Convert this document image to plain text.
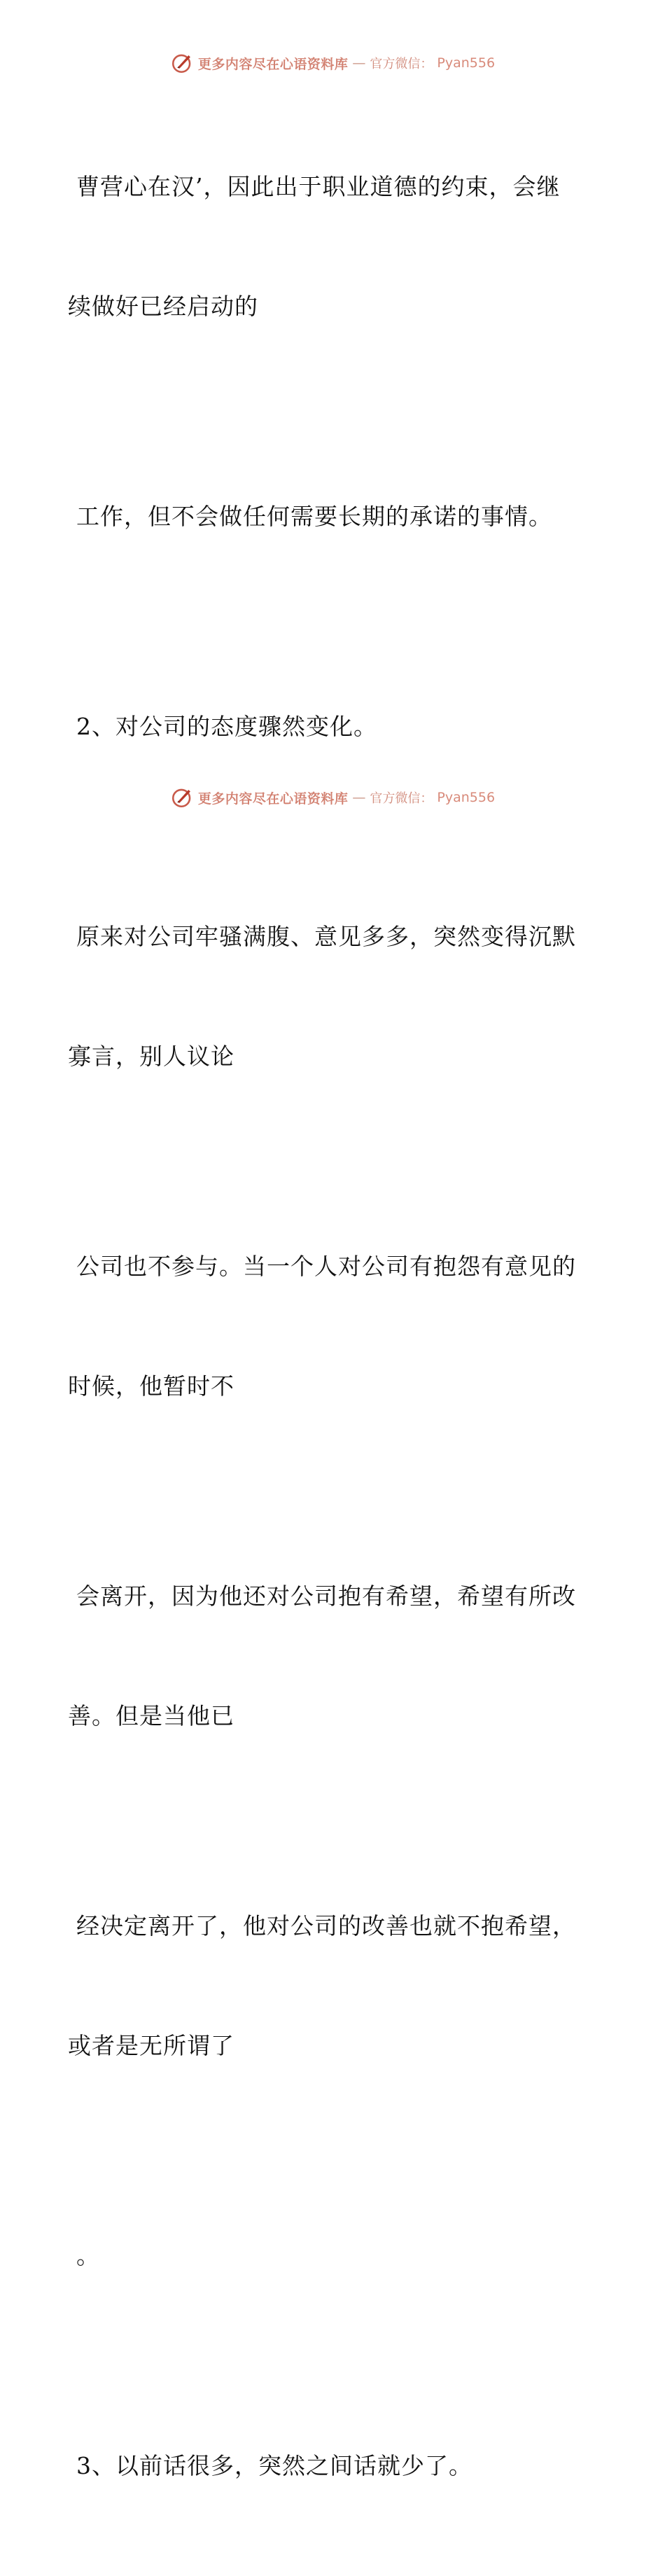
更多内容尽在心语资料库 — 官方微信： Pyan556

曹营心在汉’，因此出于职业道德的约束，会继

续做好已经启动的

工作，但不会做任何需要长期的承诺的事情。

2、对公司的态度骤然变化。

原来对公司牢骚满腹、意见多多，突然变得沉默

寡言，别人议论

公司也不参与。当一个人对公司有抱怨有意见的

时候，他暂时不

会离开，因为他还对公司抱有希望，希望有所改

善。但是当他已

经决定离开了，他对公司的改善也就不抱希望，

或者是无所谓了

。

3、以前话很多，突然之间话就少了。

更多内容尽在心语资料库 — 官方微信： Pyan556
